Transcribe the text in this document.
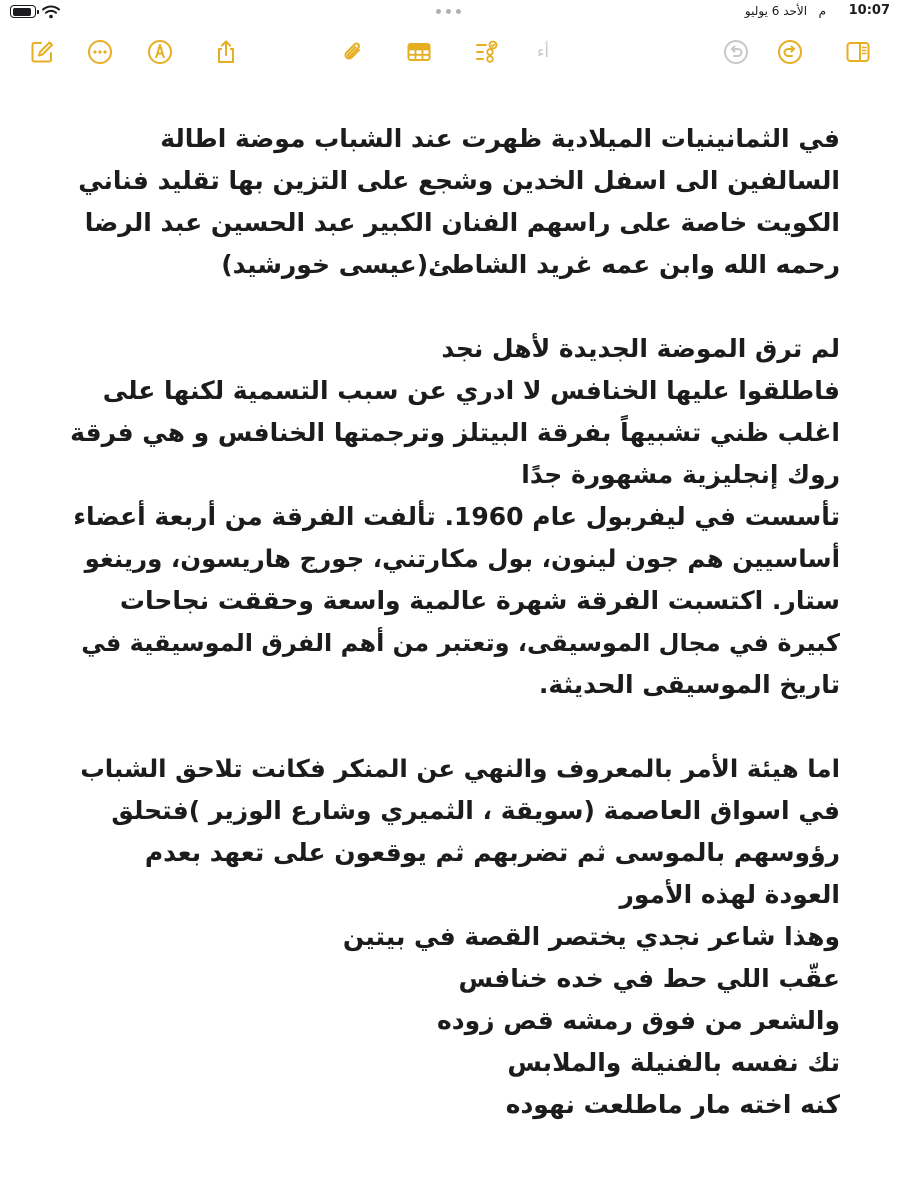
م   الأحد 6 يوليو	10:07
أء
في الثمانينيات الميلادية ظهرت عند الشباب موضة اطالة
السالفين الى اسفل الخدين وشجع على التزين بها تقليد فناني
الكويت خاصة على راسهم الفنان الكبير عبد الحسين عبد الرضا
رحمه الله وابن عمه غريد الشاطئ(عيسى خورشيد)
لم ترق الموضة الجديدة لأهل نجد
فاطلقوا عليها الخنافس لا ادري عن سبب التسمية لكنها على
اغلب ظني تشبيهاً بفرقة البيتلز وترجمتها الخنافس و هي فرقة
روك إنجليزية مشهورة جدًا
تأسست في ليفربول عام 1960. تألفت الفرقة من أربعة أعضاء
أساسيين هم جون لينون، بول مكارتني، جورج هاريسون، ورينغو
ستار. اكتسبت الفرقة شهرة عالمية واسعة وحققت نجاحات
كبيرة في مجال الموسيقى، وتعتبر من أهم الفرق الموسيقية في
تاريخ الموسيقى الحديثة.
اما هيئة الأمر بالمعروف والنهي عن المنكر فكانت تلاحق الشباب
في اسواق العاصمة (سويقة ، الثميري وشارع الوزير )فتحلق
رؤوسهم بالموسى ثم تضربهم ثم يوقعون على تعهد بعدم
العودة لهذه الأمور
وهذا شاعر نجدي يختصر القصة في بيتين
عقّب اللي حط في خده خنافس
والشعر من فوق رمشه قص زوده
تك نفسه بالفنيلة والملابس
كنه اخته مار ماطلعت نهوده
